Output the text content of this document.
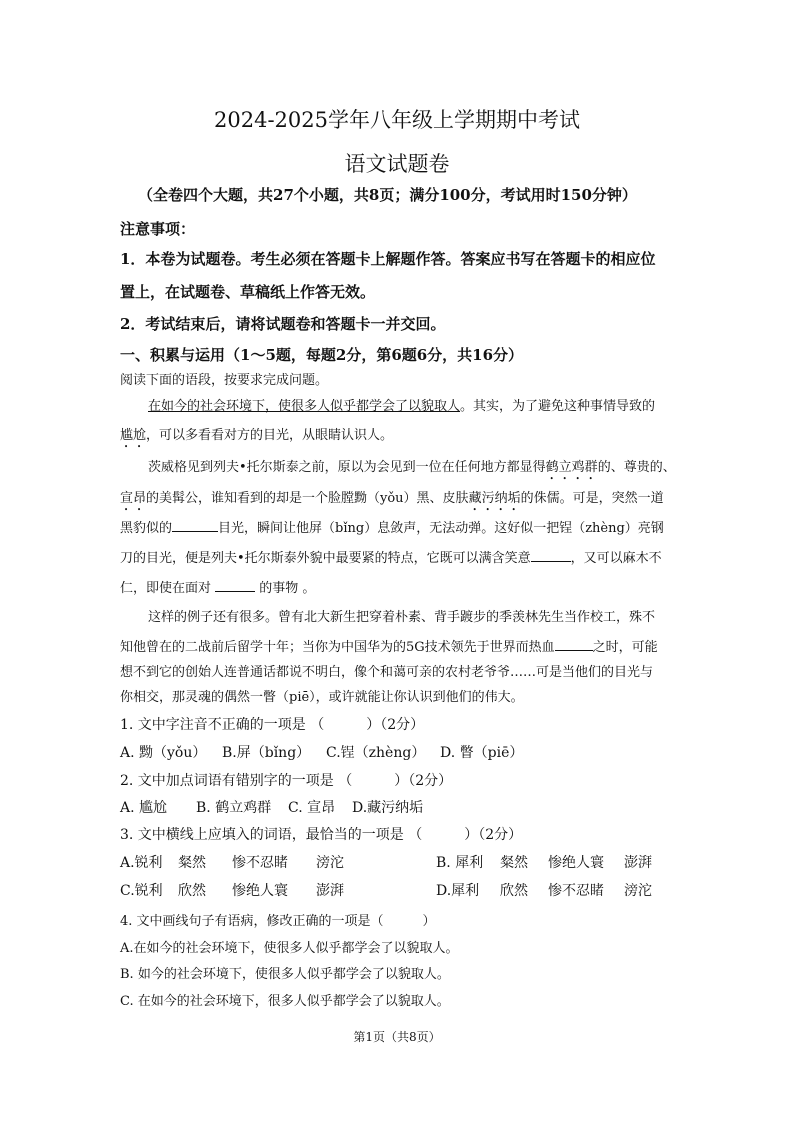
2024-2025学年八年级上学期期中考试
语文试题卷
（全卷四个大题，共27个小题，共8页；满分100分，考试用时150分钟）
注意事项：
1．本卷为试题卷。考生必须在答题卡上解题作答。答案应书写在答题卡的相应位
置上，在试题卷、草稿纸上作答无效。
2．考试结束后，请将试题卷和答题卡一并交回。
一、积累与运用（1～5题，每题2分，第6题6分，共16分）
阅读下面的语段，按要求完成问题。
在如今的社会环境下，使很多人似乎都学会了以貌取人。其实，为了避免这种事情导致的
尴尬，可以多看看对方的目光，从眼睛认识人。
茨威格见到列夫•托尔斯泰之前，原以为会见到一位在任何地方都显得鹤立鸡群的、尊贵的、
宣昂的美髯公，谁知看到的却是一个脸膛黝（yǒu）黑、皮肤藏污纳垢的侏儒。可是，突然一道
黑豹似的	目光，瞬间让他屏（bǐng）息敛声，无法动弹。这好似一把锃（zhèng）亮钢
刀的目光，便是列夫•托尔斯泰外貌中最要紧的特点，它既可以满含笑意	，又可以麻木不
仁，即使在面对	的事物 。
这样的例子还有很多。曾有北大新生把穿着朴素、背手踱步的季羡林先生当作校工，殊不
知他曾在的二战前后留学十年；当你为中国华为的5G技术领先于世界而热血	之时，可能
想不到它的创始人连普通话都说不明白，像个和蔼可亲的农村老爷爷……可是当他们的目光与
你相交，那灵魂的偶然一瞥（piē），或许就能让你认识到他们的伟大。
1. 文中字注音不正确的一项是 （　　　）（2分）
A. 黝（yǒu） B.屏（bǐng） C.锃（zhèng） D. 瞥（piē）
2. 文中加点词语有错别字的一项是 （　　　）（2分）
A. 尴尬 B. 鹤立鸡群 C. 宣昂 D.藏污纳垢
3. 文中横线上应填入的词语，最恰当的一项是 （　　　）（2分）
A.锐利 粲然 惨不忍睹 滂沱	B. 犀利 粲然 惨绝人寰 澎湃
C.锐利 欣然 惨绝人寰 澎湃	D.犀利 欣然 惨不忍睹 滂沱
4. 文中画线句子有语病，修改正确的一项是（　　　）
A.在如今的社会环境下，使很多人似乎都学会了以貌取人。
B. 如今的社会环境下，使很多人似乎都学会了以貌取人。
C. 在如今的社会环境下，很多人似乎都学会了以貌取人。
第1页（共8页）
